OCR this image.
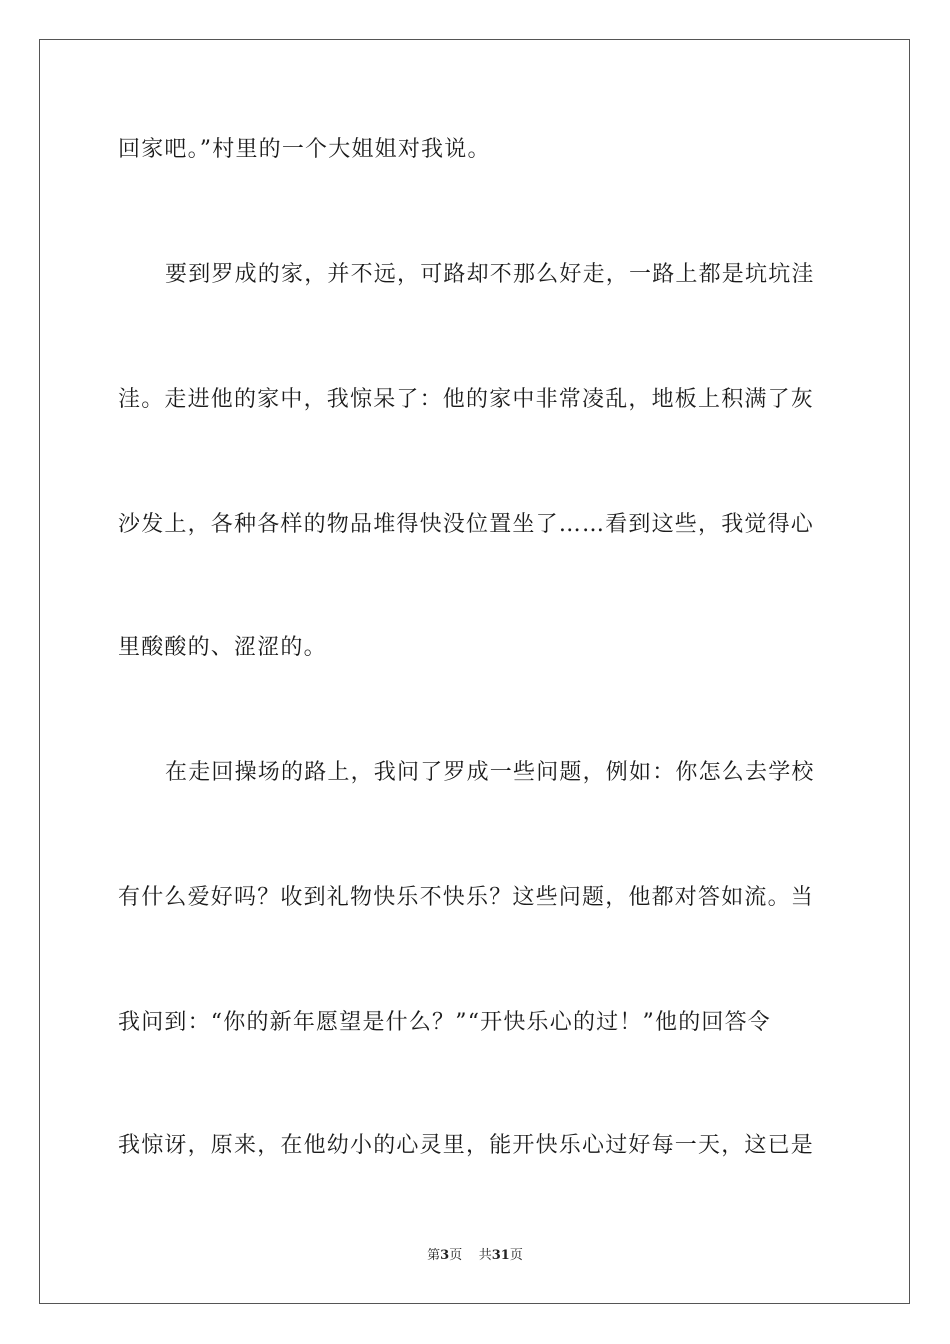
回家吧。”村里的一个大姐姐对我说。
要到罗成的家，并不远，可路却不那么好走，一路上都是坑坑洼
洼。走进他的家中，我惊呆了：他的家中非常凌乱，地板上积满了灰
沙发上，各种各样的物品堆得快没位置坐了……看到这些，我觉得心
里酸酸的、涩涩的。
在走回操场的路上，我问了罗成一些问题，例如：你怎么去学校
有什么爱好吗？收到礼物快乐不快乐？这些问题，他都对答如流。当
我问到：“你的新年愿望是什么？”“开快乐心的过！”他的回答令
我惊讶，原来，在他幼小的心灵里，能开快乐心过好每一天，这已是
第3页 共31页
